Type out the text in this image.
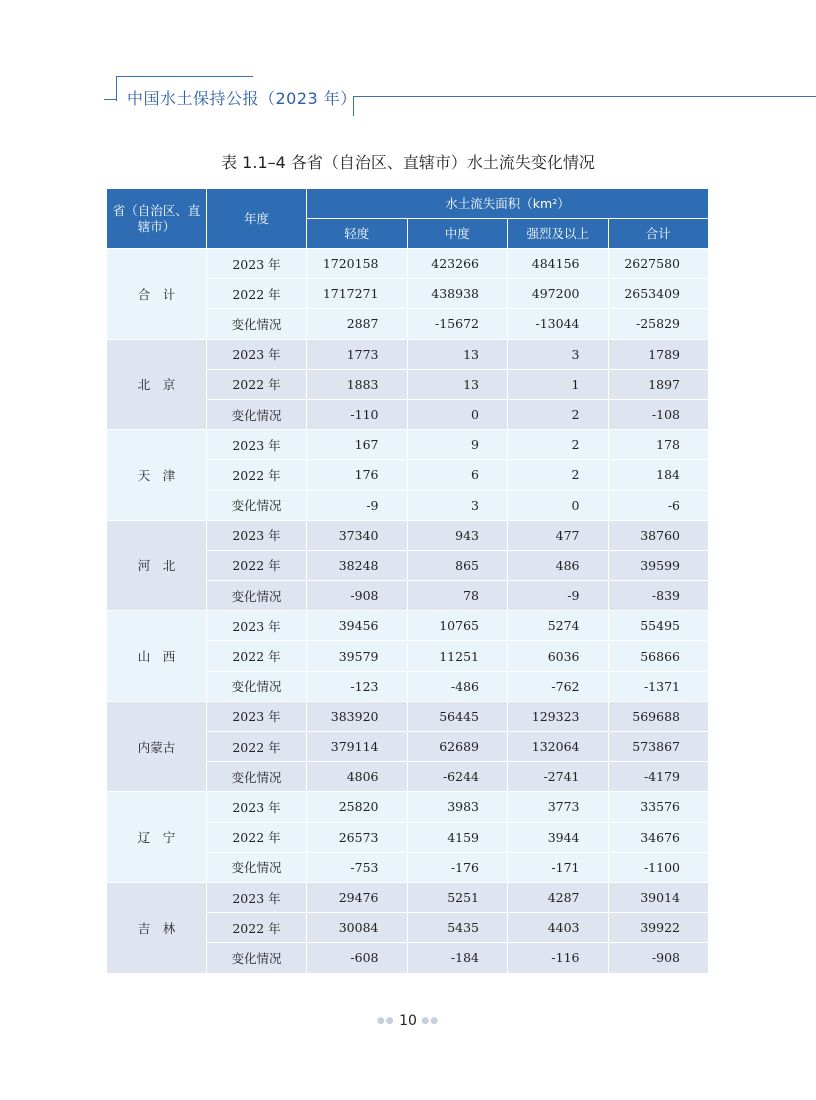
中国水土保持公报（2023 年）
表 1.1–4 各省（自治区、直辖市）水土流失变化情况
省（自治区、直辖市）	年度	水土流失面积（km²）			
		轻度	中度	强烈及以上	合计
合　计	2023 年	1720158	423266	484156	2627580
	2022 年	1717271	438938	497200	2653409
	变化情况	2887	-15672	-13044	-25829
北　京	2023 年	1773	13	3	1789
	2022 年	1883	13	1	1897
	变化情况	-110	0	2	-108
天　津	2023 年	167	9	2	178
	2022 年	176	6	2	184
	变化情况	-9	3	0	-6
河　北	2023 年	37340	943	477	38760
	2022 年	38248	865	486	39599
	变化情况	-908	78	-9	-839
山　西	2023 年	39456	10765	5274	55495
	2022 年	39579	11251	6036	56866
	变化情况	-123	-486	-762	-1371
内蒙古	2023 年	383920	56445	129323	569688
	2022 年	379114	62689	132064	573867
	变化情况	4806	-6244	-2741	-4179
辽　宁	2023 年	25820	3983	3773	33576
	2022 年	26573	4159	3944	34676
	变化情况	-753	-176	-171	-1100
吉　林	2023 年	29476	5251	4287	39014
	2022 年	30084	5435	4403	39922
	变化情况	-608	-184	-116	-908
●● 10 ●●
